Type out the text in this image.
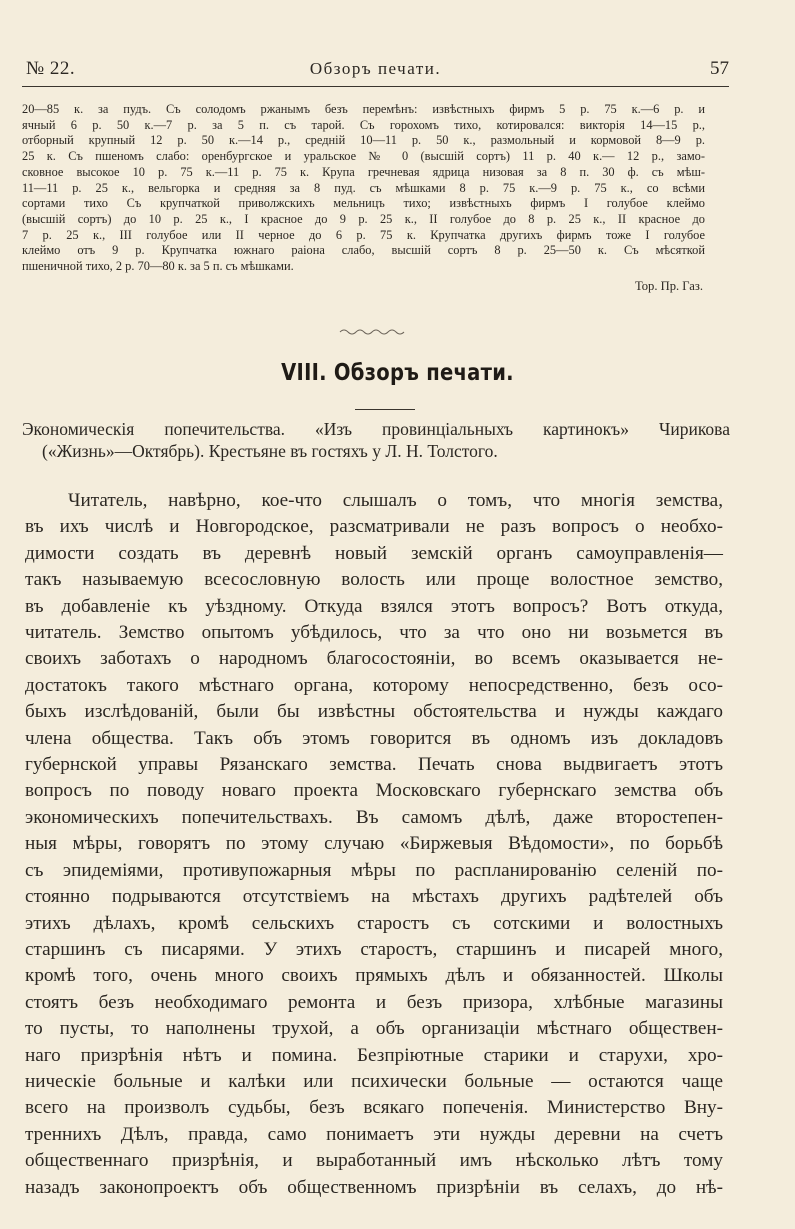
№ 22.	Обзоръ печати.	57
20—85 к. за пудъ. Съ солодомъ ржанымъ безъ перемѣнъ: извѣстныхъ фирмъ 5 р. 75 к.—6 р. и
ячный 6 р. 50 к.—7 р. за 5 п. съ тарой. Съ горохомъ тихо, котировался: викторія 14—15 р.,
отборный крупный 12 р. 50 к.—14 р., средній 10—11 р. 50 к., размольный и кормовой 8—9 р.
25 к. Съ пшеномъ слабо: оренбургское и уральское № 0 (высшій сортъ) 11 р. 40 к.— 12 р., замо-
сковное высокое 10 р. 75 к.—11 р. 75 к. Крупа гречневая ядрица низовая за 8 п. 30 ф. съ мѣш-
11—11 р. 25 к., вельгорка и средняя за 8 пуд. съ мѣшками 8 р. 75 к.—9 р. 75 к., со всѣми
сортами тихо Съ крупчаткой приволжскихъ мельницъ тихо; извѣстныхъ фирмъ I голубое клеймо
(высшій сортъ) до 10 р. 25 к., I красное до 9 р. 25 к., II голубое до 8 р. 25 к., II красное до
7 р. 25 к., III голубое или II черное до 6 р. 75 к. Крупчатка другихъ фирмъ тоже I голубое
клеймо отъ 9 р. Крупчатка южнаго раіона слабо, высшій сортъ 8 р. 25—50 к. Съ мѣсяткой
пшеничной тихо, 2 р. 70—80 к. за 5 п. съ мѣшками.
Тор. Пр. Газ.
VIII. Обзоръ печати.
Экономическія попечительства. «Изъ провинціальныхъ картинокъ» Чирикова
(«Жизнь»—Октябрь). Крестьяне въ гостяхъ у Л. Н. Толстого.
Читатель, навѣрно, кое-что слышалъ о томъ, что многія земства,
въ ихъ числѣ и Новгородское, разсматривали не разъ вопросъ о необхо-
димости создать въ деревнѣ новый земскій органъ самоуправленія—
такъ называемую всесословную волость или проще волостное земство,
въ добавленіе къ уѣздному. Откуда взялся этотъ вопросъ? Вотъ откуда,
читатель. Земство опытомъ убѣдилось, что за что оно ни возьмется въ
своихъ заботахъ о народномъ благосостояніи, во всемъ оказывается не-
достатокъ такого мѣстнаго органа, которому непосредственно, безъ осо-
быхъ изслѣдованій, были бы извѣстны обстоятельства и нужды каждаго
члена общества. Такъ объ этомъ говорится въ одномъ изъ докладовъ
губернской управы Рязанскаго земства. Печать снова выдвигаетъ этотъ
вопросъ по поводу новаго проекта Московскаго губернскаго земства объ
экономическихъ попечительствахъ. Въ самомъ дѣлѣ, даже второстепен-
ныя мѣры, говорятъ по этому случаю «Биржевыя Вѣдомости», по борьбѣ
съ эпидеміями, противупожарныя мѣры по распланированію селеній по-
стоянно подрываются отсутствіемъ на мѣстахъ другихъ радѣтелей объ
этихъ дѣлахъ, кромѣ сельскихъ старостъ съ сотскими и волостныхъ
старшинъ съ писарями. У этихъ старостъ, старшинъ и писарей много,
кромѣ того, очень много своихъ прямыхъ дѣлъ и обязанностей. Школы
стоятъ безъ необходимаго ремонта и безъ призора, хлѣбные магазины
то пусты, то наполнены трухой, а объ организаціи мѣстнаго обществен-
наго призрѣнія нѣтъ и помина. Безпріютные старики и старухи, хро-
ническіе больные и калѣки или психически больные — остаются чаще
всего на произволъ судьбы, безъ всякаго попеченія. Министерство Вну-
треннихъ Дѣлъ, правда, само понимаетъ эти нужды деревни на счетъ
общественнаго призрѣнія, и выработанный имъ нѣсколько лѣтъ тому
назадъ законопроектъ объ общественномъ призрѣніи въ селахъ, до нѣ-
